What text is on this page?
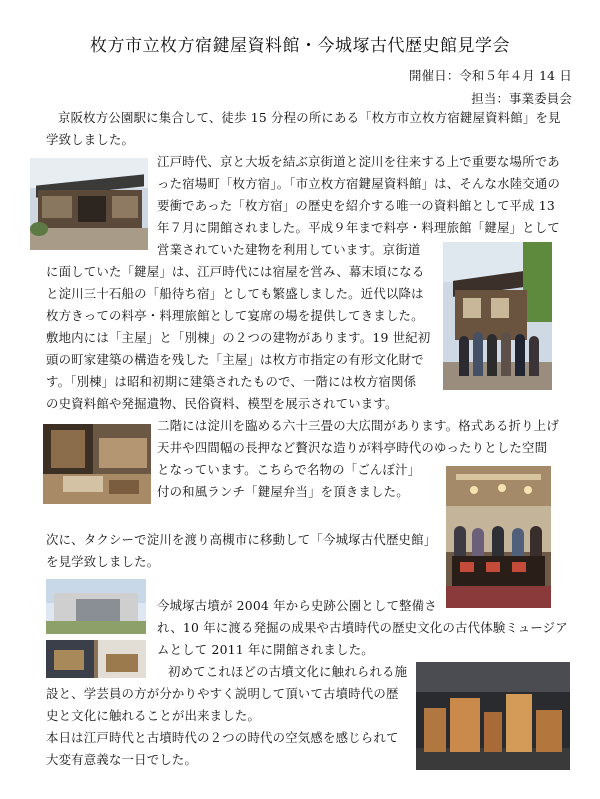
枚方市立枚方宿鍵屋資料館・今城塚古代歴史館見学会
開催日：令和５年４月 14 日
担当：事業委員会
京阪枚方公園駅に集合して、徒歩 15 分程の所にある「枚方市立枚方宿鍵屋資料館」を見
学致しました。
江戸時代、京と大坂を結ぶ京街道と淀川を往来する上で重要な場所であ
った宿場町「枚方宿」。「市立枚方宿鍵屋資料館」は、そんな水陸交通の
要衝であった「枚方宿」の歴史を紹介する唯一の資料館として平成 13
年７月に開館されました。平成９年まで料亭・料理旅館「鍵屋」として
営業されていた建物を利用しています。京街道
に面していた「鍵屋」は、江戸時代には宿屋を営み、幕末頃になる
と淀川三十石船の「船待ち宿」としても繁盛しました。近代以降は
枚方きっての料亭・料理旅館として宴席の場を提供してきました。
敷地内には「主屋」と「別棟」の２つの建物があります。19 世紀初
頭の町家建築の構造を残した「主屋」は枚方市指定の有形文化財で
す。「別棟」は昭和初期に建築されたもので、一階には枚方宿関係
の史資料館や発掘遺物、民俗資料、模型を展示されています。
二階には淀川を臨める六十三畳の大広間があります。格式ある折り上げ
天井や四間幅の長押など贅沢な造りが料亭時代のゆったりとした空間
となっています。こちらで名物の「ごんぼ汁」
付の和風ランチ「鍵屋弁当」を頂きました。
次に、タクシーで淀川を渡り高槻市に移動して「今城塚古代歴史館」
を見学致しました。
今城塚古墳が 2004 年から史跡公園として整備さ
れ、10 年に渡る発掘の成果や古墳時代の歴史文化の古代体験ミュージア
ムとして 2011 年に開館されました。
初めてこれほどの古墳文化に触れられる施
設と、学芸員の方が分かりやすく説明して頂いて古墳時代の歴
史と文化に触れることが出来ました。
本日は江戸時代と古墳時代の２つの時代の空気感を感じられて
大変有意義な一日でした。
